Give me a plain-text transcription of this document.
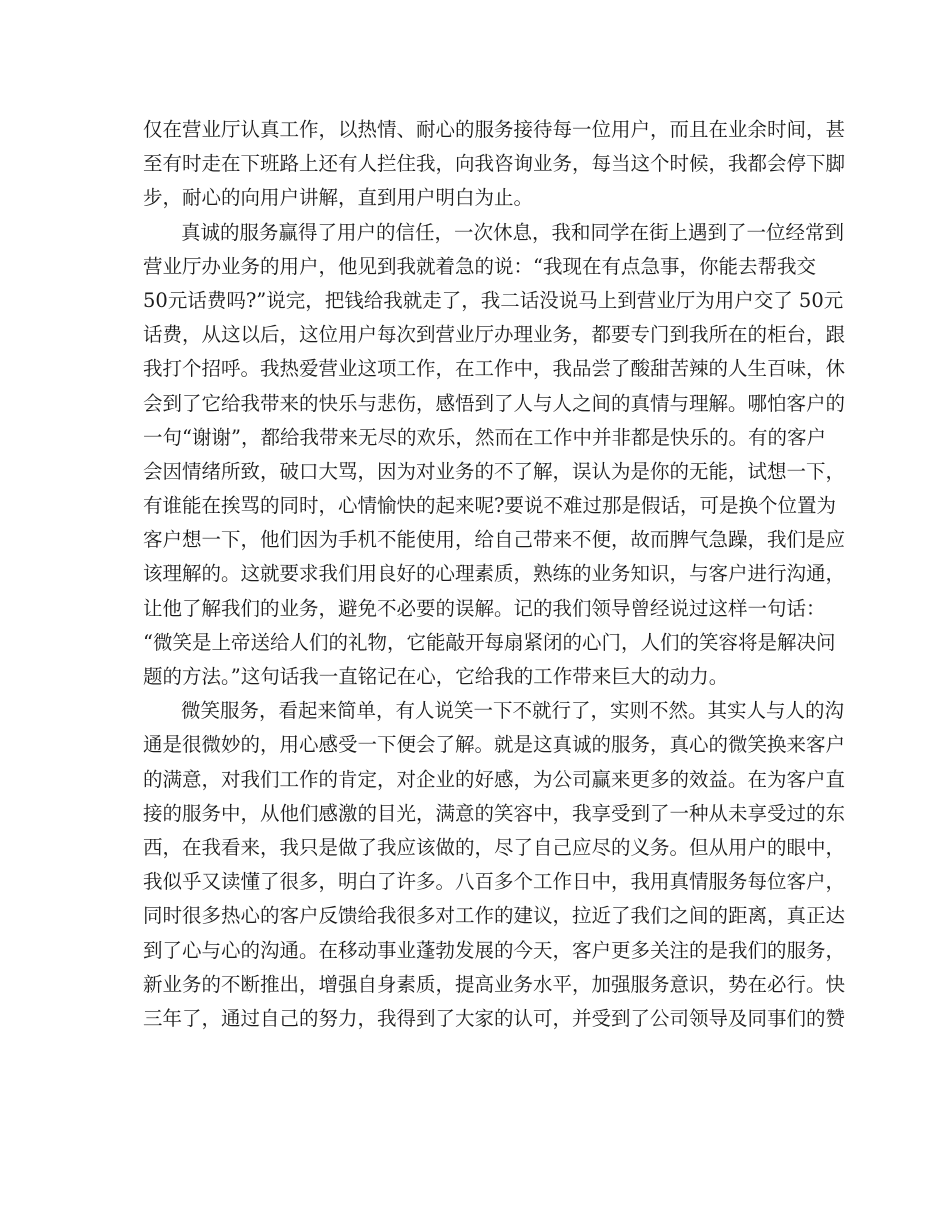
仅在营业厅认真工作，以热情、耐心的服务接待每一位用户，而且在业余时间，甚
至有时走在下班路上还有人拦住我，向我咨询业务，每当这个时候，我都会停下脚
步，耐心的向用户讲解，直到用户明白为止。
真诚的服务赢得了用户的信任，一次休息，我和同学在街上遇到了一位经常到
营业厅办业务的用户，他见到我就着急的说：“我现在有点急事，你能去帮我交
50元话费吗?”说完，把钱给我就走了，我二话没说马上到营业厅为用户交了 50元
话费，从这以后，这位用户每次到营业厅办理业务，都要专门到我所在的柜台，跟
我打个招呼。我热爱营业这项工作，在工作中，我品尝了酸甜苦辣的人生百味，休
会到了它给我带来的快乐与悲伤，感悟到了人与人之间的真情与理解。哪怕客户的
一句“谢谢”，都给我带来无尽的欢乐，然而在工作中并非都是快乐的。有的客户
会因情绪所致，破口大骂，因为对业务的不了解，误认为是你的无能，试想一下，
有谁能在挨骂的同时，心情愉快的起来呢?要说不难过那是假话，可是换个位置为
客户想一下，他们因为手机不能使用，给自己带来不便，故而脾气急躁，我们是应
该理解的。这就要求我们用良好的心理素质，熟练的业务知识，与客户进行沟通，
让他了解我们的业务，避免不必要的误解。记的我们领导曾经说过这样一句话：
“微笑是上帝送给人们的礼物，它能敲开每扇紧闭的心门，人们的笑容将是解决问
题的方法。”这句话我一直铭记在心，它给我的工作带来巨大的动力。
微笑服务，看起来简单，有人说笑一下不就行了，实则不然。其实人与人的沟
通是很微妙的，用心感受一下便会了解。就是这真诚的服务，真心的微笑换来客户
的满意，对我们工作的肯定，对企业的好感，为公司赢来更多的效益。在为客户直
接的服务中，从他们感激的目光，满意的笑容中，我享受到了一种从未享受过的东
西，在我看来，我只是做了我应该做的，尽了自己应尽的义务。但从用户的眼中，
我似乎又读懂了很多，明白了许多。八百多个工作日中，我用真情服务每位客户，
同时很多热心的客户反馈给我很多对工作的建议，拉近了我们之间的距离，真正达
到了心与心的沟通。在移动事业蓬勃发展的今天，客户更多关注的是我们的服务，
新业务的不断推出，增强自身素质，提高业务水平，加强服务意识，势在必行。快
三年了，通过自己的努力，我得到了大家的认可，并受到了公司领导及同事们的赞
